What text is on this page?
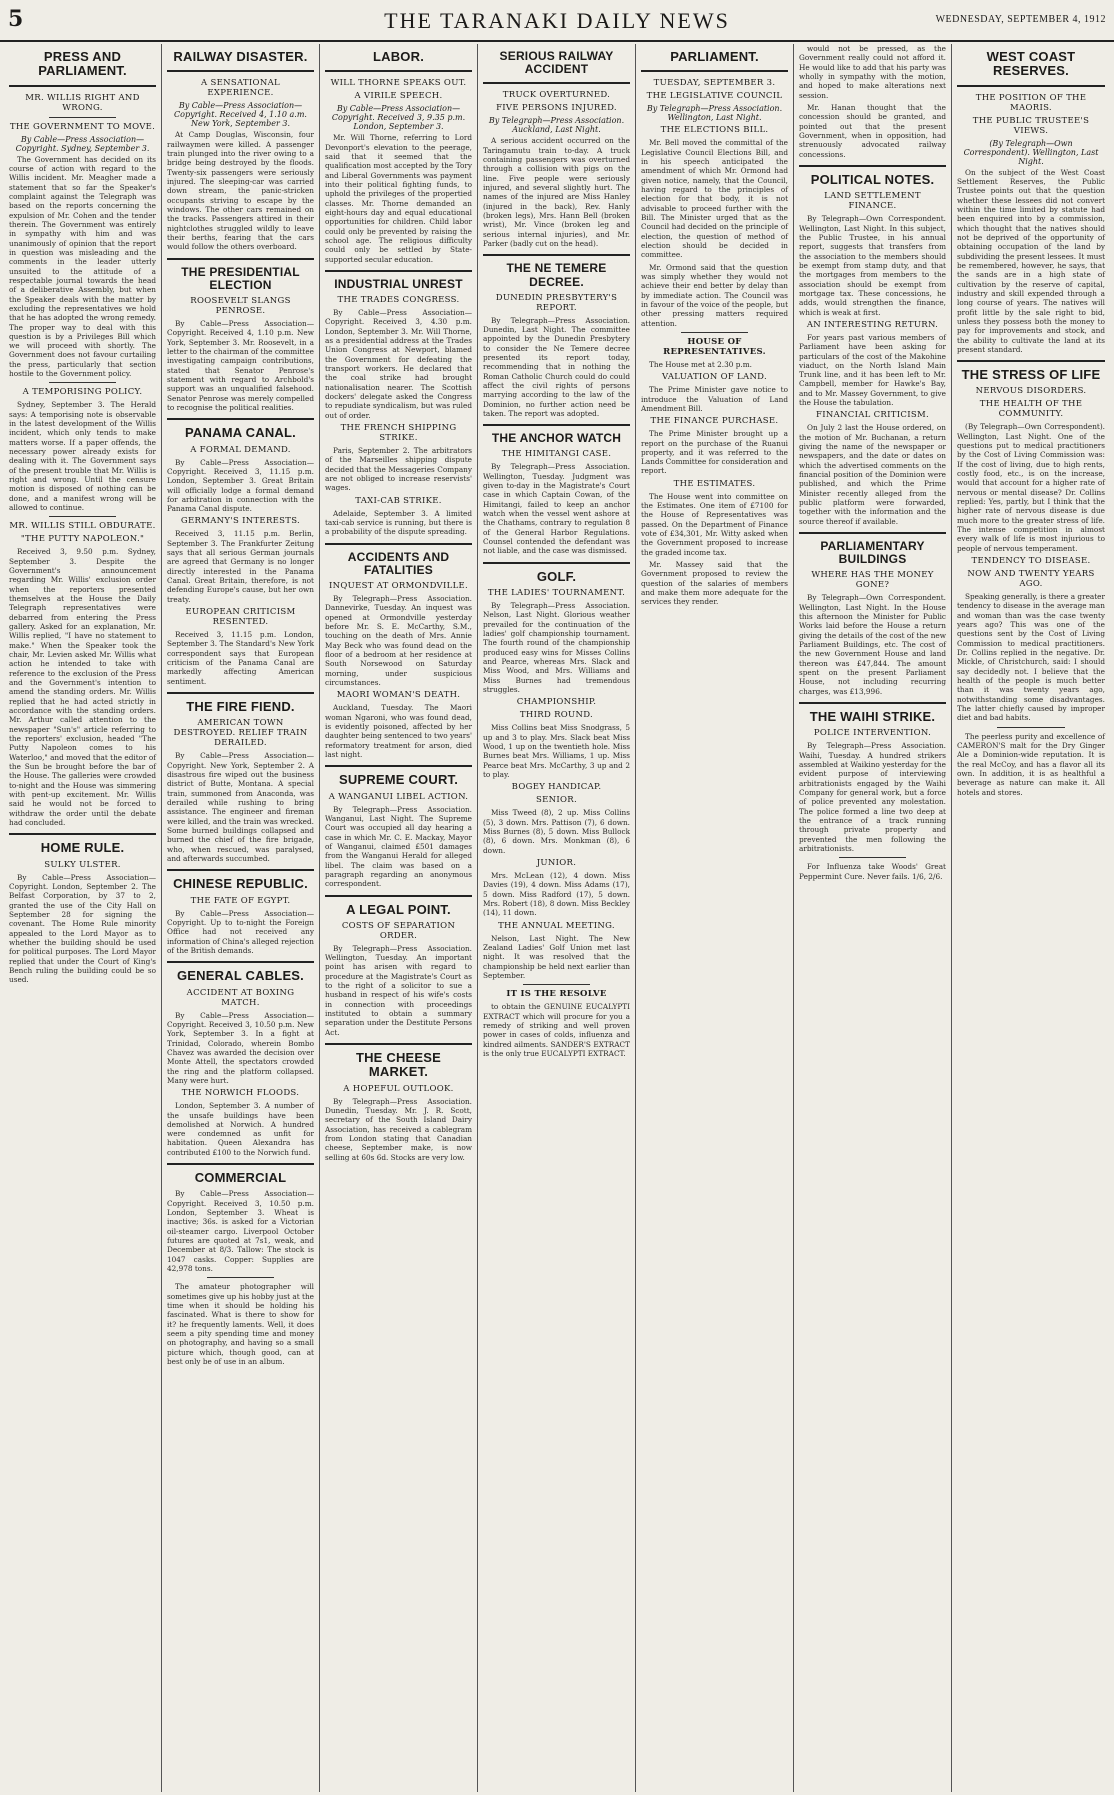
5	THE TARANAKI DAILY NEWS	WEDNESDAY, SEPTEMBER 4, 1912
PRESS AND PARLIAMENT.
MR. WILLIS RIGHT AND WRONG.
THE GOVERNMENT TO MOVE.
By Cable—Press Association—Copyright. Sydney, September 3.

The Government has decided on its course of action with regard to the Willis incident. Mr. Meagher made a statement that so far the Speaker's complaint against the Telegraph was based on the reports concerning the expulsion of Mr. Cohen and the tender therein. The Government was entirely in sympathy with him and was unanimously of opinion that the report in question was misleading and the comments in the leader utterly unsuited to the attitude of a respectable journal towards the head of a deliberative Assembly, but when the Speaker deals with the matter by excluding the representatives we hold that he has adopted the wrong remedy. The proper way to deal with this question is by a Privileges Bill which we will proceed with shortly. The Government does not favour curtailing the press, particularly that section hostile to the Government policy.

A TEMPORISING POLICY.

Sydney, September 3. The Herald says: A temporising note is observable in the latest development of the Willis incident, which only tends to make matters worse. If a paper offends, the necessary power already exists for dealing with it. The Government says of the present trouble that Mr. Willis is right and wrong. Until the censure motion is disposed of nothing can be done, and a manifest wrong will be allowed to continue.

MR. WILLIS STILL OBDURATE.
"THE PUTTY NAPOLEON."

Received 3, 9.50 p.m. Sydney, September 3. Despite the Government's announcement regarding Mr. Willis' exclusion order when the reporters presented themselves at the House the Daily Telegraph representatives were debarred from entering the Press gallery. Asked for an explanation, Mr. Willis replied, "I have no statement to make." When the Speaker took the chair, Mr. Levien asked Mr. Willis what action he intended to take with reference to the exclusion of the Press and the Government's intention to amend the standing orders. Mr. Willis replied that he had acted strictly in accordance with the standing orders. Mr. Arthur called attention to the newspaper "Sun's" article referring to the reporters' exclusion, headed "The Putty Napoleon comes to his Waterloo," and moved that the editor of the Sun be brought before the bar of the House. The galleries were crowded to-night and the House was simmering with pent-up excitement. Mr. Willis said he would not be forced to withdraw the order until the debate had concluded.

HOME RULE.
SULKY ULSTER.

By Cable—Press Association—Copyright. London, September 2. The Belfast Corporation, by 37 to 2, granted the use of the City Hall on September 28 for signing the covenant. The Home Rule minority appealed to the Lord Mayor as to whether the building should be used for political purposes. The Lord Mayor replied that under the Court of King's Bench ruling the building could be so used.

RAILWAY DISASTER.
A SENSATIONAL EXPERIENCE.
By Cable—Press Association—Copyright. Received 4, 1.10 a.m. New York, September 3.

At Camp Douglas, Wisconsin, four railwaymen were killed. A passenger train plunged into the river owing to a bridge being destroyed by the floods. Twenty-six passengers were seriously injured. The sleeping-car was carried down stream, the panic-stricken occupants striving to escape by the windows. The other cars remained on the tracks. Passengers attired in their nightclothes struggled wildly to leave their berths, fearing that the cars would follow the others overboard.

THE PRESIDENTIAL ELECTION
ROOSEVELT SLANGS PENROSE.

By Cable—Press Association—Copyright. Received 4, 1.10 p.m. New York, September 3. Mr. Roosevelt, in a letter to the chairman of the committee investigating campaign contributions, stated that Senator Penrose's statement with regard to Archbold's support was an unqualified falsehood. Senator Penrose was merely compelled to recognise the political realities.

PANAMA CANAL.
A FORMAL DEMAND.

By Cable—Press Association—Copyright. Received 3, 11.15 p.m. London, September 3. Great Britain will officially lodge a formal demand for arbitration in connection with the Panama Canal dispute.

GERMANY'S INTERESTS.

Received 3, 11.15 p.m. Berlin, September 3. The Frankfurter Zeitung says that all serious German journals are agreed that Germany is no longer directly interested in the Panama Canal. Great Britain, therefore, is not defending Europe's cause, but her own treaty.

EUROPEAN CRITICISM RESENTED.

Received 3, 11.15 p.m. London, September 3. The Standard's New York correspondent says that European criticism of the Panama Canal are markedly affecting American sentiment.

THE FIRE FIEND.
AMERICAN TOWN DESTROYED. RELIEF TRAIN DERAILED.

By Cable—Press Association—Copyright. New York, September 2. A disastrous fire wiped out the business district of Butte, Montana. A special train, summoned from Anaconda, was derailed while rushing to bring assistance. The engineer and fireman were killed, and the train was wrecked. Some burned buildings collapsed and burned the chief of the fire brigade, who, when rescued, was paralysed, and afterwards succumbed.

CHINESE REPUBLIC.
THE FATE OF EGYPT.

By Cable—Press Association—Copyright. Up to to-night the Foreign Office had not received any information of China's alleged rejection of the British demands.

GENERAL CABLES.
ACCIDENT AT BOXING MATCH.

By Cable—Press Association—Copyright. Received 3, 10.50 p.m. New York, September 3. In a fight at Trinidad, Colorado, wherein Bombo Chavez was awarded the decision over Monte Attell, the spectators crowded the ring and the platform collapsed. Many were hurt.

THE NORWICH FLOODS.

London, September 3. A number of the unsafe buildings have been demolished at Norwich. A hundred were condemned as unfit for habitation. Queen Alexandra has contributed £100 to the Norwich fund.

COMMERCIAL

By Cable—Press Association—Copyright. Received 3, 10.50 p.m. London, September 3. Wheat is inactive; 36s. is asked for a Victorian oil-steamer cargo. Liverpool October futures are quoted at 7s1, weak, and December at 8/3. Tallow: The stock is 1047 casks. Copper: Supplies are 42,978 tons.

The amateur photographer will sometimes give up his hobby just at the time when it should be holding his fascinated. What is there to show for it? he frequently laments. Well, it does seem a pity spending time and money on photography, and having so a small picture which, though good, can at best only be of use in an album.

LABOR.
WILL THORNE SPEAKS OUT.
A VIRILE SPEECH.
By Cable—Press Association—Copyright. Received 3, 9.35 p.m. London, September 3.

Mr. Will Thorne, referring to Lord Devonport's elevation to the peerage, said that it seemed that the qualification most accepted by the Tory and Liberal Governments was payment into their political fighting funds, to uphold the privileges of the propertied classes. Mr. Thorne demanded an eight-hours day and equal educational opportunities for children. Child labor could only be prevented by raising the school age. The religious difficulty could only be settled by State-supported secular education.

INDUSTRIAL UNREST
THE TRADES CONGRESS.

By Cable—Press Association—Copyright. Received 3, 4.30 p.m. London, September 3. Mr. Will Thorne, as a presidential address at the Trades Union Congress at Newport, blamed the Government for defeating the transport workers. He declared that the coal strike had brought nationalisation nearer. The Scottish dockers' delegate asked the Congress to repudiate syndicalism, but was ruled out of order.

THE FRENCH SHIPPING STRIKE.

Paris, September 2. The arbitrators of the Marseilles shipping dispute decided that the Messageries Company are not obliged to increase reservists' wages.

TAXI-CAB STRIKE.

Adelaide, September 3. A limited taxi-cab service is running, but there is a probability of the dispute spreading.

ACCIDENTS AND FATALITIES
INQUEST AT ORMONDVILLE.

By Telegraph—Press Association. Dannevirke, Tuesday. An inquest was opened at Ormondville yesterday before Mr. S. E. McCarthy, S.M., touching on the death of Mrs. Annie May Beck who was found dead on the floor of a bedroom at her residence at South Norsewood on Saturday morning, under suspicious circumstances.

MAORI WOMAN'S DEATH.

Auckland, Tuesday. The Maori woman Ngaroni, who was found dead, is evidently poisoned, affected by her daughter being sentenced to two years' reformatory treatment for arson, died last night.

SUPREME COURT.
A WANGANUI LIBEL ACTION.

By Telegraph—Press Association. Wanganui, Last Night. The Supreme Court was occupied all day hearing a case in which Mr. C. E. Mackay, Mayor of Wanganui, claimed £501 damages from the Wanganui Herald for alleged libel. The claim was based on a paragraph regarding an anonymous correspondent.

A LEGAL POINT.
COSTS OF SEPARATION ORDER.

By Telegraph—Press Association. Wellington, Tuesday. An important point has arisen with regard to procedure at the Magistrate's Court as to the right of a solicitor to sue a husband in respect of his wife's costs in connection with proceedings instituted to obtain a summary separation under the Destitute Persons Act.

THE CHEESE MARKET.
A HOPEFUL OUTLOOK.

By Telegraph—Press Association. Dunedin, Tuesday. Mr. J. R. Scott, secretary of the South Island Dairy Association, has received a cablegram from London stating that Canadian cheese, September make, is now selling at 60s 6d. Stocks are very low.

SERIOUS RAILWAY ACCIDENT
TRUCK OVERTURNED.
FIVE PERSONS INJURED.
By Telegraph—Press Association. Auckland, Last Night.

A serious accident occurred on the Taringamutu train to-day. A truck containing passengers was overturned through a collision with pigs on the line. Five people were seriously injured, and several slightly hurt. The names of the injured are Miss Hanley (injured in the back), Rev. Hanly (broken legs), Mrs. Hann Bell (broken wrist), Mr. Vince (broken leg and serious internal injuries), and Mr. Parker (badly cut on the head).

THE NE TEMERE DECREE.
DUNEDIN PRESBYTERY'S REPORT.

By Telegraph—Press Association. Dunedin, Last Night. The committee appointed by the Dunedin Presbytery to consider the Ne Temere decree presented its report today, recommending that in nothing the Roman Catholic Church could do could affect the civil rights of persons marrying according to the law of the Dominion, no further action need be taken. The report was adopted.

THE ANCHOR WATCH
THE HIMITANGI CASE.

By Telegraph—Press Association. Wellington, Tuesday. Judgment was given to-day in the Magistrate's Court case in which Captain Cowan, of the Himitangi, failed to keep an anchor watch when the vessel went ashore at the Chathams, contrary to regulation 8 of the General Harbor Regulations. Counsel contended the defendant was not liable, and the case was dismissed.

GOLF.
THE LADIES' TOURNAMENT.

By Telegraph—Press Association. Nelson, Last Night. Glorious weather prevailed for the continuation of the ladies' golf championship tournament. The fourth round of the championship produced easy wins for Misses Collins and Pearce, whereas Mrs. Slack and Miss Wood, and Mrs. Williams and Miss Burnes had tremendous struggles.

CHAMPIONSHIP.
THIRD ROUND.

Miss Collins beat Miss Snodgrass, 5 up and 3 to play. Mrs. Slack beat Miss Wood, 1 up on the twentieth hole. Miss Burnes beat Mrs. Williams, 1 up. Miss Pearce beat Mrs. McCarthy, 3 up and 2 to play.

BOGEY HANDICAP.
SENIOR.

Miss Tweed (8), 2 up. Miss Collins (5), 3 down. Mrs. Pattison (7), 6 down. Miss Burnes (8), 5 down. Miss Bullock (8), 6 down. Mrs. Monkman (8), 6 down.

JUNIOR.

Mrs. McLean (12), 4 down. Miss Davies (19), 4 down. Miss Adams (17), 5 down. Miss Radford (17), 5 down. Mrs. Robert (18), 8 down. Miss Beckley (14), 11 down.

THE ANNUAL MEETING.

Nelson, Last Night. The New Zealand Ladies' Golf Union met last night. It was resolved that the championship be held next earlier than September.

IT IS THE RESOLVE

to obtain the GENUINE EUCALYPTI EXTRACT which will procure for you a remedy of striking and well proven power in cases of colds, influenza and kindred ailments. SANDER'S EXTRACT is the only true EUCALYPTI EXTRACT.

PARLIAMENT.
TUESDAY, SEPTEMBER 3.
THE LEGISLATIVE COUNCIL
By Telegraph—Press Association. Wellington, Last Night.
THE ELECTIONS BILL.

Mr. Bell moved the committal of the Legislative Council Elections Bill, and in his speech anticipated the amendment of which Mr. Ormond had given notice, namely, that the Council, having regard to the principles of election for that body, it is not advisable to proceed further with the Bill. The Minister urged that as the Council had decided on the principle of election, the question of method of election should be decided in committee.

Mr. Ormond said that the question was simply whether they would not achieve their end better by delay than by immediate action. The Council was in favour of the voice of the people, but other pressing matters required attention.

HOUSE OF REPRESENTATIVES.

The House met at 2.30 p.m.

VALUATION OF LAND.

The Prime Minister gave notice to introduce the Valuation of Land Amendment Bill.

THE FINANCE PURCHASE.

The Prime Minister brought up a report on the purchase of the Ruanui property, and it was referred to the Lands Committee for consideration and report.

THE ESTIMATES.

The House went into committee on the Estimates. One item of £7100 for the House of Representatives was passed. On the Department of Finance vote of £34,301, Mr. Witty asked when the Government proposed to increase the graded income tax.

Mr. Massey said that the Government proposed to review the question of the salaries of members and make them more adequate for the services they render.

would not be pressed, as the Government really could not afford it. He would like to add that his party was wholly in sympathy with the motion, and hoped to make alterations next session.

Mr. Hanan thought that the concession should be granted, and pointed out that the present Government, when in opposition, had strenuously advocated railway concessions.

POLITICAL NOTES.
LAND SETTLEMENT FINANCE.

By Telegraph—Own Correspondent. Wellington, Last Night. In this subject, the Public Trustee, in his annual report, suggests that transfers from the association to the members should be exempt from stamp duty, and that the mortgages from members to the association should be exempt from mortgage tax. These concessions, he adds, would strengthen the finance, which is weak at first.

AN INTERESTING RETURN.

For years past various members of Parliament have been asking for particulars of the cost of the Makohine viaduct, on the North Island Main Trunk line, and it has been left to Mr. Campbell, member for Hawke's Bay, and to Mr. Massey Government, to give the House the tabulation.

FINANCIAL CRITICISM.

On July 2 last the House ordered, on the motion of Mr. Buchanan, a return giving the name of the newspaper or newspapers, and the date or dates on which the advertised comments on the financial position of the Dominion were published, and which the Prime Minister recently alleged from the public platform were forwarded, together with the information and the source thereof if available.

PARLIAMENTARY BUILDINGS
WHERE HAS THE MONEY GONE?

By Telegraph—Own Correspondent. Wellington, Last Night. In the House this afternoon the Minister for Public Works laid before the House a return giving the details of the cost of the new Parliament Buildings, etc. The cost of the new Government House and land thereon was £47,844. The amount spent on the present Parliament House, not including recurring charges, was £13,996.

THE WAIHI STRIKE.
POLICE INTERVENTION.

By Telegraph—Press Association. Waihi, Tuesday. A hundred strikers assembled at Waikino yesterday for the evident purpose of interviewing arbitrationists engaged by the Waihi Company for general work, but a force of police prevented any molestation. The police formed a line two deep at the entrance of a track running through private property and prevented the men following the arbitrationists.

For Influenza take Woods' Great Peppermint Cure. Never fails. 1/6, 2/6.

WEST COAST RESERVES.
THE POSITION OF THE MAORIS.
THE PUBLIC TRUSTEE'S VIEWS.
(By Telegraph—Own Correspondent). Wellington, Last Night.

On the subject of the West Coast Settlement Reserves, the Public Trustee points out that the question whether these lessees did not convert within the time limited by statute had been enquired into by a commission, which thought that the natives should not be deprived of the opportunity of obtaining occupation of the land by subdividing the present lessees. It must be remembered, however, he says, that the sands are in a high state of cultivation by the reserve of capital, industry and skill expended through a long course of years. The natives will profit little by the sale right to bid, unless they possess both the money to pay for improvements and stock, and the ability to cultivate the land at its present standard.

THE STRESS OF LIFE
NERVOUS DISORDERS.
THE HEALTH OF THE COMMUNITY.

(By Telegraph—Own Correspondent). Wellington, Last Night. One of the questions put to medical practitioners by the Cost of Living Commission was: If the cost of living, due to high rents, costly food, etc., is on the increase, would that account for a higher rate of nervous or mental disease? Dr. Collins replied: Yes, partly, but I think that the higher rate of nervous disease is due much more to the greater stress of life. The intense competition in almost every walk of life is most injurious to people of nervous temperament.

TENDENCY TO DISEASE.
NOW AND TWENTY YEARS AGO.

Speaking generally, is there a greater tendency to disease in the average man and woman than was the case twenty years ago? This was one of the questions sent by the Cost of Living Commission to medical practitioners. Dr. Collins replied in the negative. Dr. Mickle, of Christchurch, said: I should say decidedly not. I believe that the health of the people is much better than it was twenty years ago, notwithstanding some disadvantages. The latter chiefly caused by improper diet and bad habits.

The peerless purity and excellence of CAMERON'S malt for the Dry Ginger Ale a Dominion-wide reputation. It is the real McCoy, and has a flavor all its own. In addition, it is as healthful a beverage as nature can make it. All hotels and stores.
